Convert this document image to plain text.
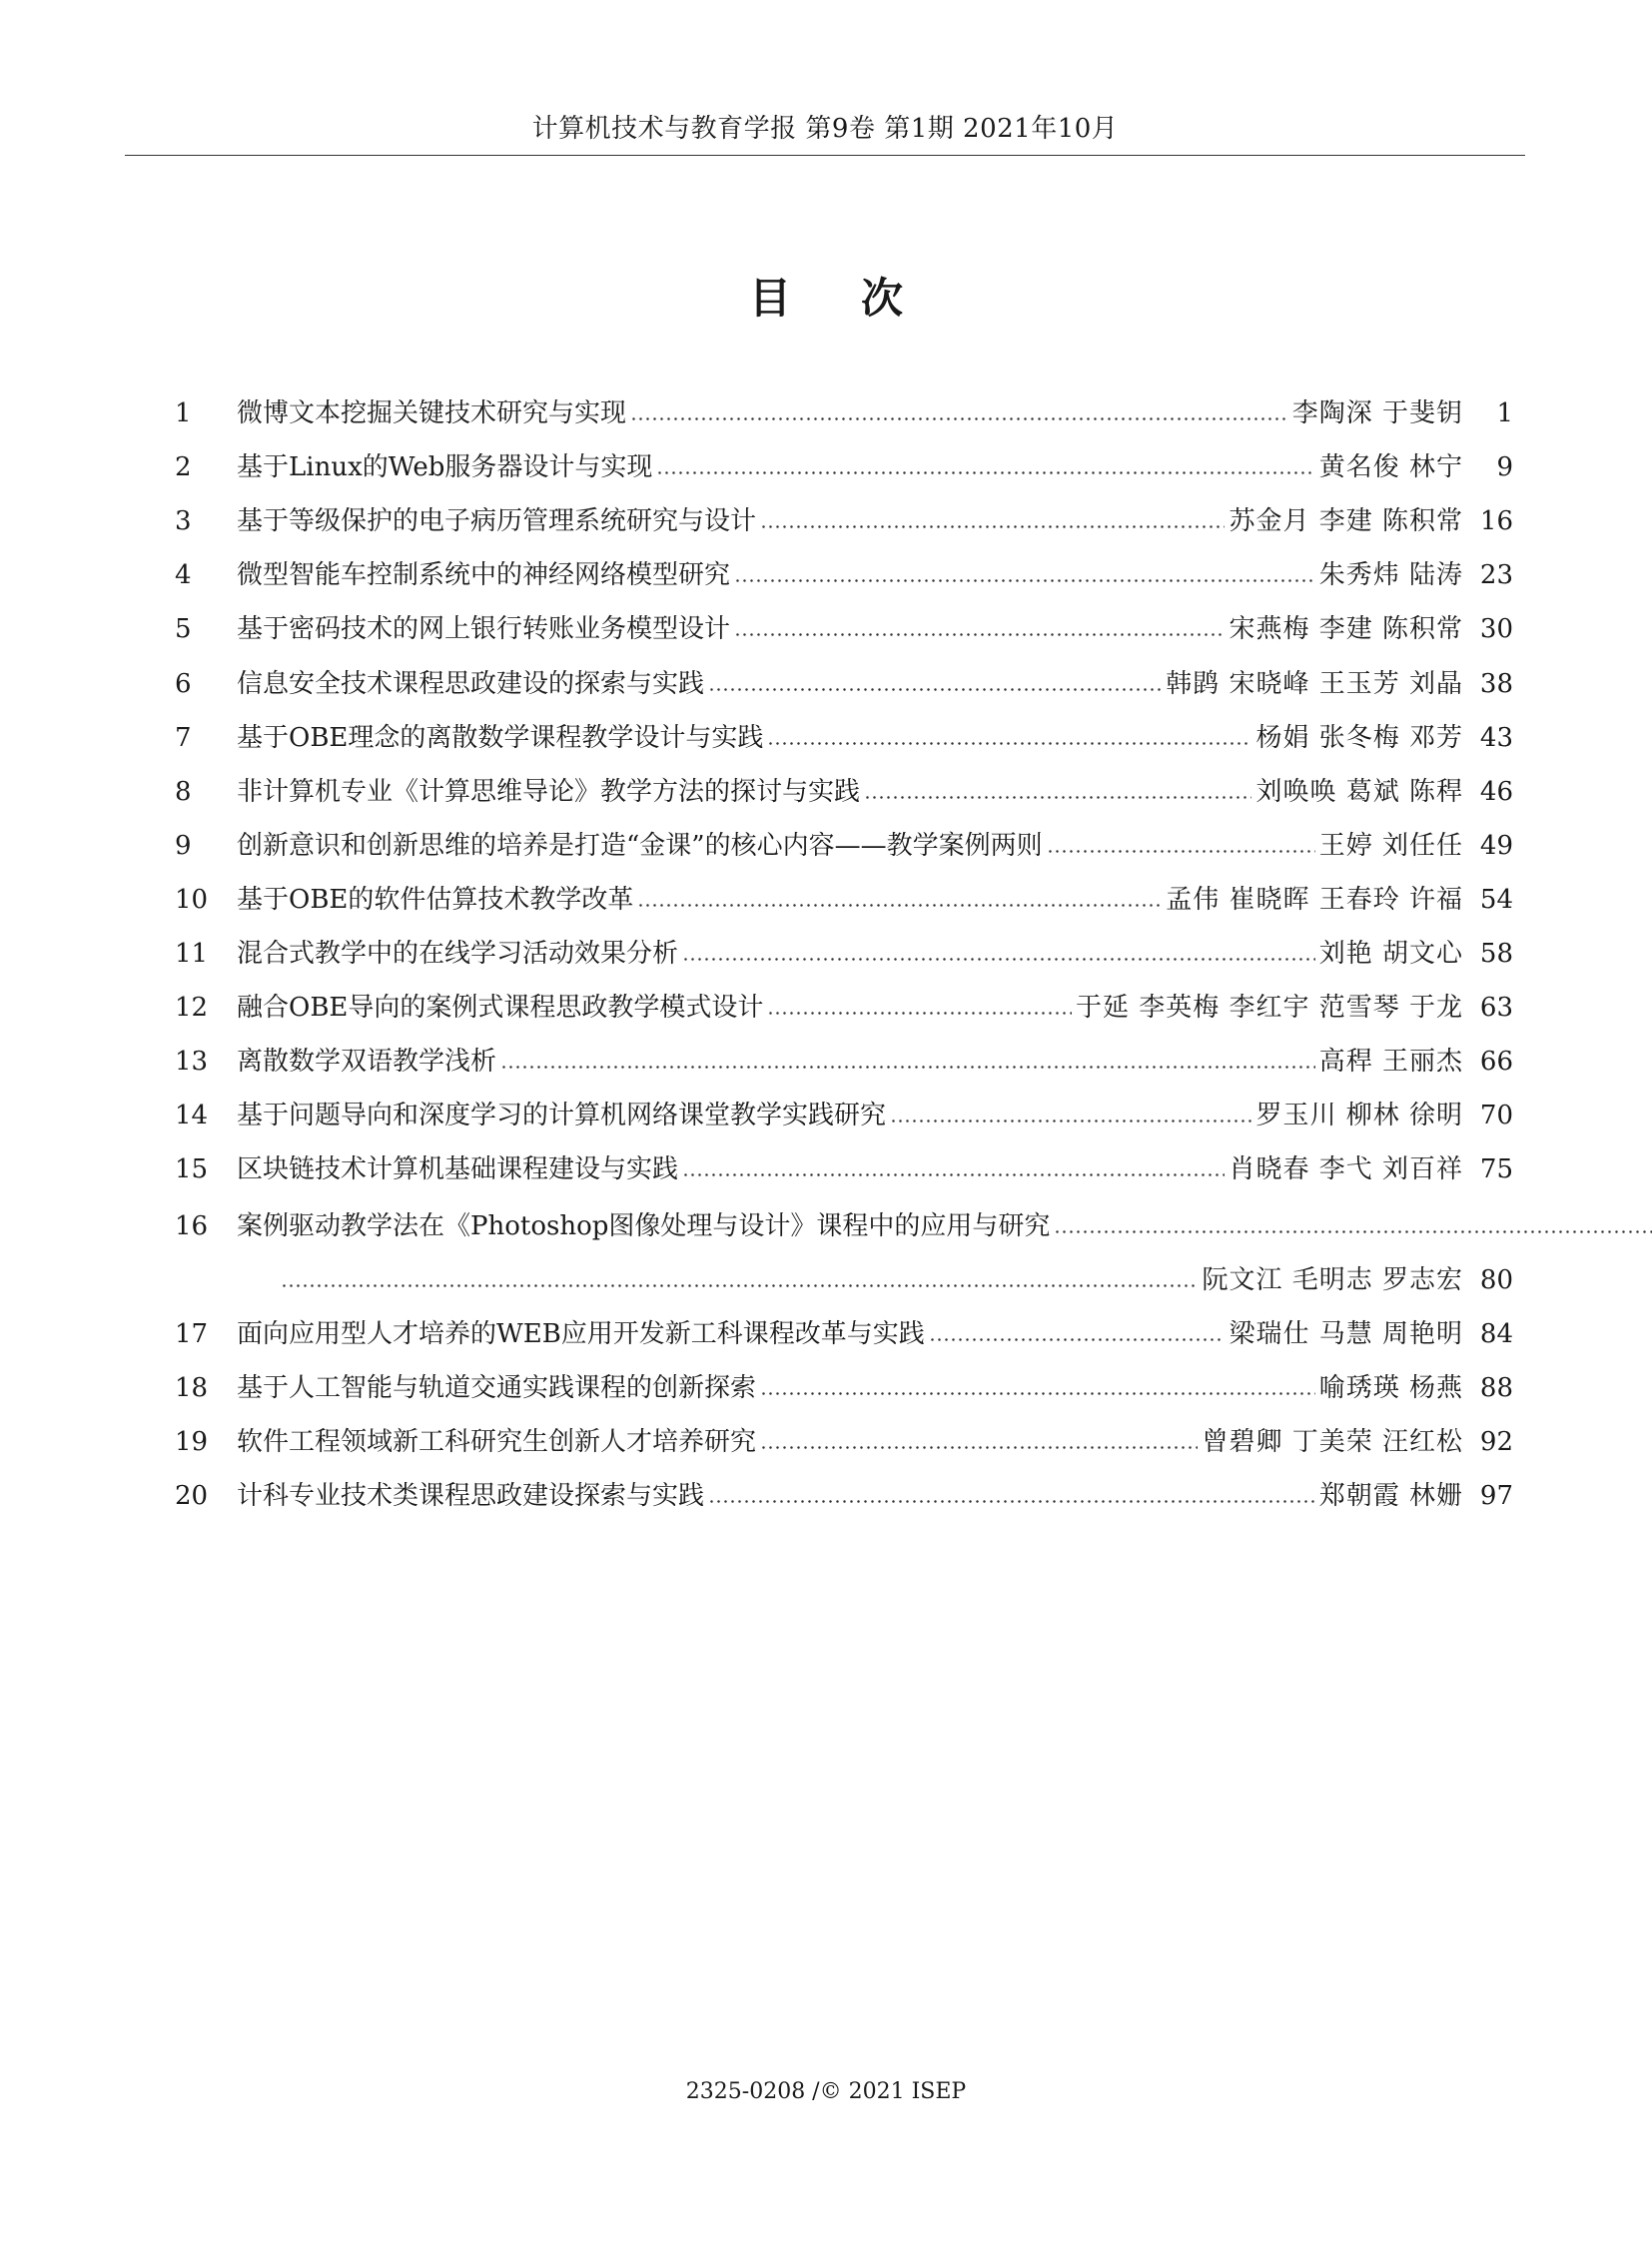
计算机技术与教育学报 第9卷 第1期 2021年10月
目 次
1	微博文本挖掘关键技术研究与实现	李陶深 于斐钥	1
2	基于Linux的Web服务器设计与实现	黄名俊 林宁	9
3	基于等级保护的电子病历管理系统研究与设计	苏金月 李建 陈积常 16
4	微型智能车控制系统中的神经网络模型研究	朱秀炜 陆涛 23
5	基于密码技术的网上银行转账业务模型设计	宋燕梅 李建 陈积常 30
6	信息安全技术课程思政建设的探索与实践	韩鹍 宋晓峰 王玉芳 刘晶 38
7	基于OBE理念的离散数学课程教学设计与实践	杨娟 张冬梅 邓芳 43
8	非计算机专业《计算思维导论》教学方法的探讨与实践	刘唤唤 葛斌 陈稈 46
9	创新意识和创新思维的培养是打造“金课”的核心内容——教学案例两则	王婷 刘任任 49
10	基于OBE的软件估算技术教学改革	孟伟 崔晓晖 王春玲 许福 54
11	混合式教学中的在线学习活动效果分析	刘艳 胡文心 58
12	融合OBE导向的案例式课程思政教学模式设计	于延 李英梅 李红宇 范雪琴 于龙 63
13	离散数学双语教学浅析	高稈 王丽杰 66
14	基于问题导向和深度学习的计算机网络课堂教学实践研究	罗玉川 柳林 徐明 70
15	区块链技术计算机基础课程建设与实践	肖晓春 李弋 刘百祥 75
16	案例驱动教学法在《Photoshop图像处理与设计》课程中的应用与研究
阮文江 毛明志 罗志宏 80
17	面向应用型人才培养的WEB应用开发新工科课程改革与实践	梁瑞仕 马慧 周艳明 84
18	基于人工智能与轨道交通实践课程的创新探索	喻琇瑛 杨燕 88
19	软件工程领域新工科研究生创新人才培养研究	曾碧卿 丁美荣 汪红松 92
20	计科专业技术类课程思政建设探索与实践	郑朝霞 林姗 97
2325-0208 /© 2021 ISEP
